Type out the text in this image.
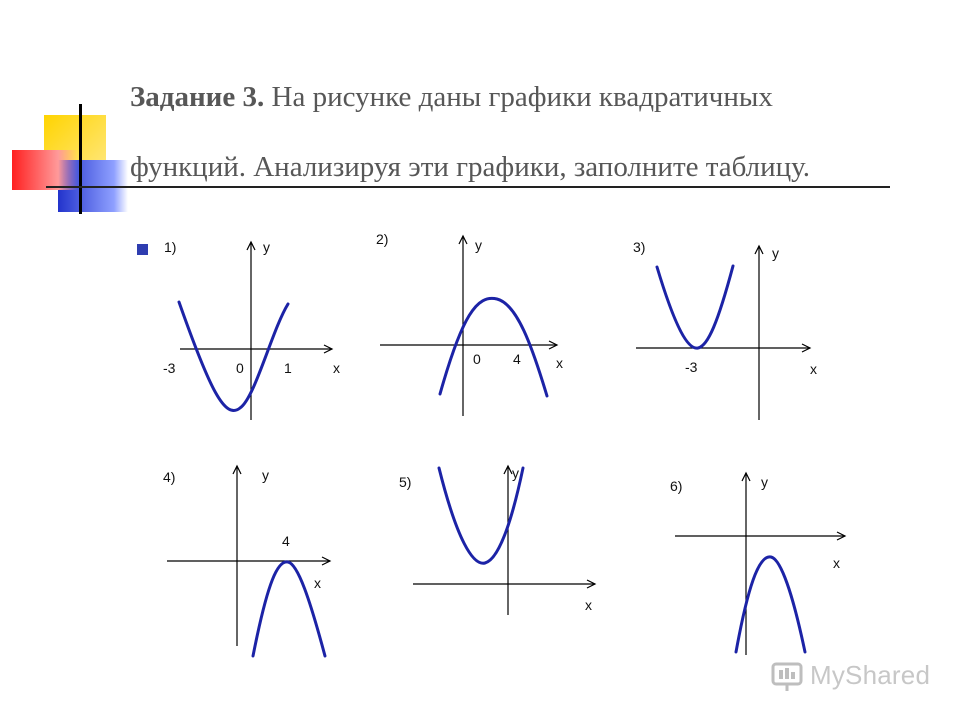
Задание 3. На рисунке даны графики квадратичных
функций. Анализируя эти графики, заполните таблицу.
1)	y
x
-3	0	1
2)	y
x
0 4
3)	y
x
-3
4)	y
x
4
5)
y
x
6)	y
x
MyShared
